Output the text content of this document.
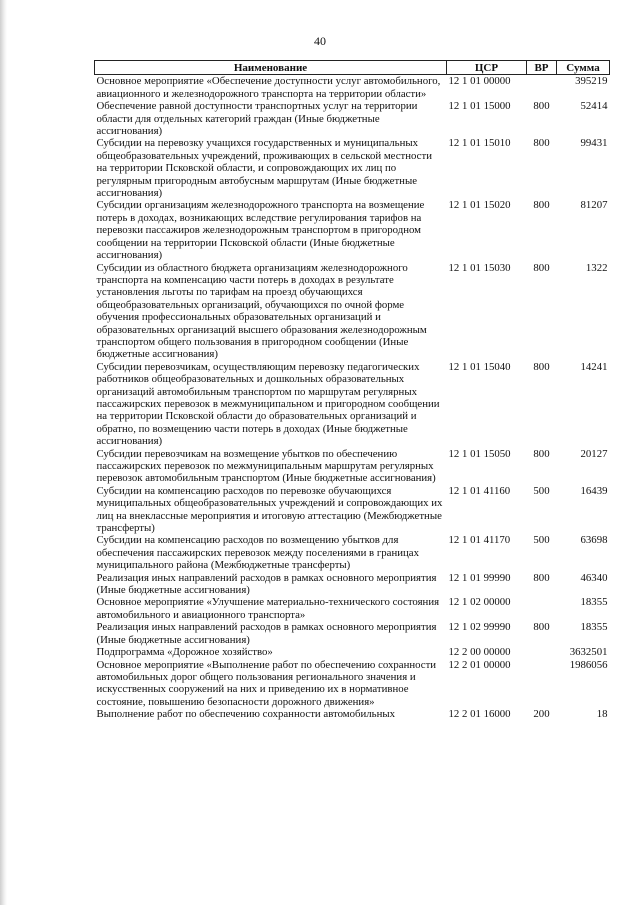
40
Наименование	ЦСР	ВР	Сумма
Основное мероприятие «Обеспечение доступности услуг автомобильного, авиационного и железнодорожного транспорта на территории области»	12 1 01 00000		395219
Обеспечение равной доступности транспортных услуг на территории области для отдельных категорий граждан (Иные бюджетные ассигнования)	12 1 01 15000	800	52414
Субсидии на перевозку учащихся государственных и муниципальных общеобразовательных учреждений, проживающих в сельской местности на территории Псковской области, и сопровождающих их лиц по регулярным пригородным автобусным маршрутам (Иные бюджетные ассигнования)	12 1 01 15010	800	99431
Субсидии организациям железнодорожного транспорта на возмещение потерь в доходах, возникающих вследствие регулирования тарифов на перевозки пассажиров железнодорожным транспортом в пригородном сообщении на территории Псковской области (Иные бюджетные ассигнования)	12 1 01 15020	800	81207
Субсидии из областного бюджета организациям железнодорожного транспорта на компенсацию части потерь в доходах в результате установления льготы по тарифам на проезд обучающихся общеобразовательных организаций, обучающихся по очной форме обучения профессиональных образовательных организаций и образовательных организаций высшего образования железнодорожным транспортом общего пользования в пригородном сообщении (Иные бюджетные ассигнования)	12 1 01 15030	800	1322
Субсидии перевозчикам, осуществляющим перевозку педагогических работников общеобразовательных и дошкольных образовательных организаций автомобильным транспортом по маршрутам регулярных пассажирских перевозок в межмуниципальном и пригородном сообщении на территории Псковской области до образовательных организаций и обратно, по возмещению части потерь в доходах (Иные бюджетные ассигнования)	12 1 01 15040	800	14241
Субсидии перевозчикам на возмещение убытков по обеспечению пассажирских перевозок по межмуниципальным маршрутам регулярных перевозок автомобильным транспортом (Иные бюджетные ассигнования)	12 1 01 15050	800	20127
Субсидии на компенсацию расходов по перевозке обучающихся муниципальных общеобразовательных учреждений и сопровождающих их лиц на внеклассные мероприятия и итоговую аттестацию (Межбюджетные трансферты)	12 1 01 41160	500	16439
Субсидии на компенсацию расходов по возмещению убытков для обеспечения пассажирских перевозок между поселениями в границах муниципального района (Межбюджетные трансферты)	12 1 01 41170	500	63698
Реализация иных направлений расходов в рамках основного мероприятия (Иные бюджетные ассигнования)	12 1 01 99990	800	46340
Основное мероприятие «Улучшение материально-технического состояния автомобильного и авиационного транспорта»	12 1 02 00000		18355
Реализация иных направлений расходов в рамках основного мероприятия (Иные бюджетные ассигнования)	12 1 02 99990	800	18355
Подпрограмма «Дорожное хозяйство»	12 2 00 00000		3632501
Основное мероприятие «Выполнение работ по обеспечению сохранности автомобильных дорог общего пользования регионального значения и искусственных сооружений на них и приведению их в нормативное состояние, повышению безопасности дорожного движения»	12 2 01 00000		1986056
Выполнение работ по обеспечению сохранности автомобильных	12 2 01 16000	200	18
